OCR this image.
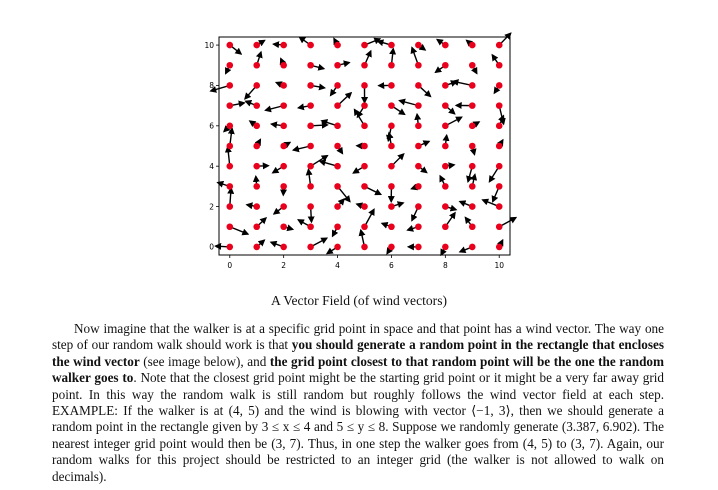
0	2	4	6	8	10
0
2
4
6
8
10
A Vector Field (of wind vectors)
Now imagine that the walker is at a specific grid point in space and that point has a wind vector. The way one step of our random walk should work is that you should generate a random point in the rectangle that encloses the wind vector (see image below), and the grid point closest to that random point will be the one the random walker goes to. Note that the closest grid point might be the starting grid point or it might be a very far away grid point. In this way the random walk is still random but roughly follows the wind vector field at each step. EXAMPLE: If the walker is at (4, 5) and the wind is blowing with vector ⟨−1, 3⟩, then we should generate a random point in the rectangle given by 3 ≤ x ≤ 4 and 5 ≤ y ≤ 8. Suppose we randomly generate (3.387, 6.902). The nearest integer grid point would then be (3, 7). Thus, in one step the walker goes from (4, 5) to (3, 7). Again, our random walks for this project should be restricted to an integer grid (the walker is not allowed to walk on decimals).
